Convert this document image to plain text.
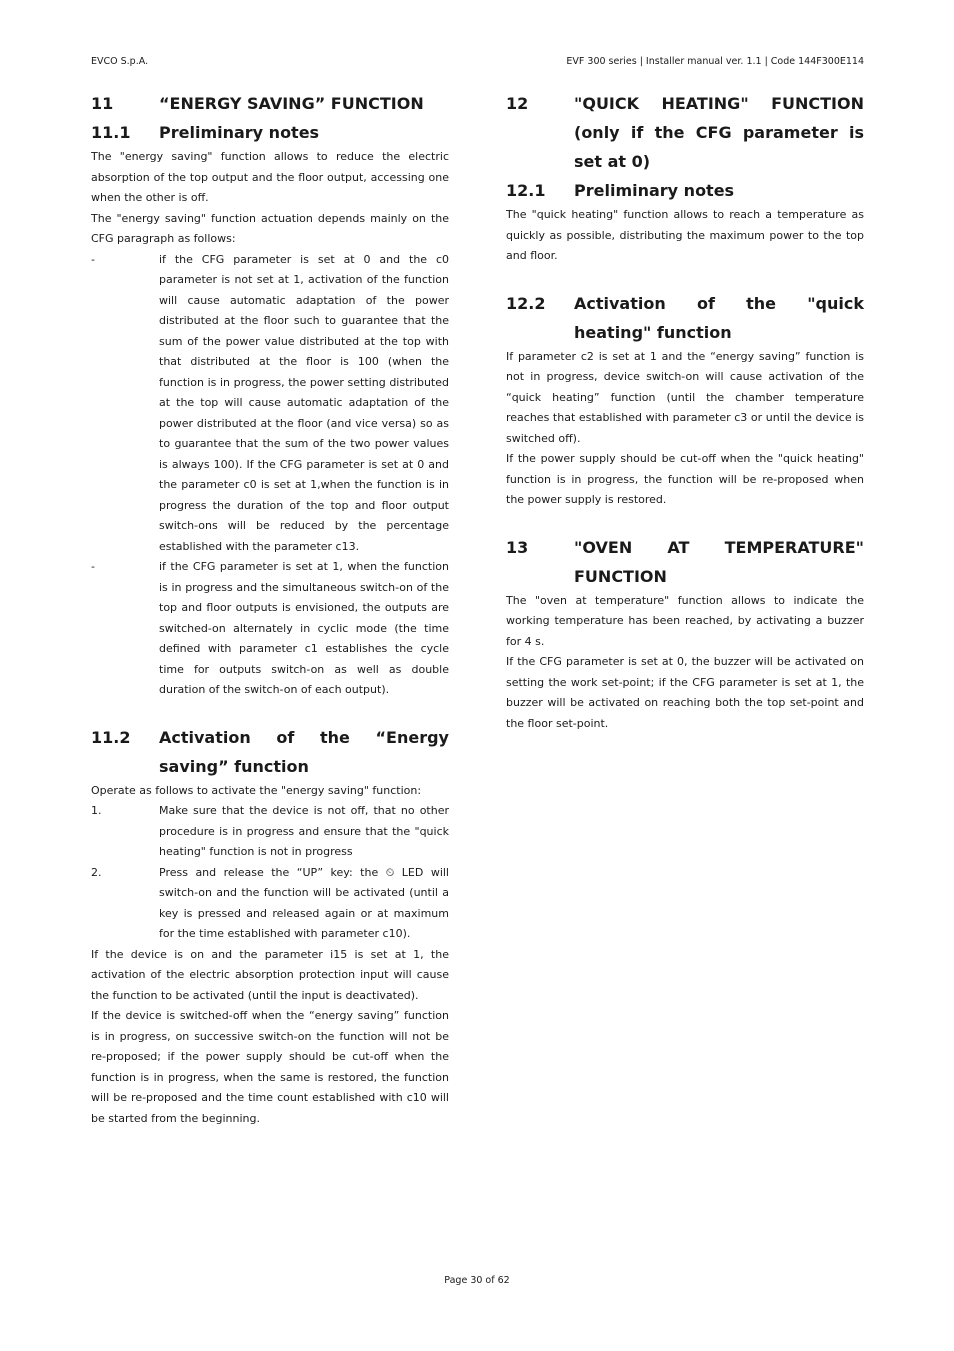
EVCO S.p.A.	EVF 300 series | Installer manual ver. 1.1 | Code 144F300E114
11	“ENERGY SAVING” FUNCTION
11.1	Preliminary notes

The "energy saving" function allows to reduce the electric absorption of the top output and the floor output, accessing one when the other is off.

The "energy saving" function actuation depends mainly on the CFG paragraph as follows:

-	if the CFG parameter is set at 0 and the c0 parameter is not set at 1, activation of the function will cause automatic adaptation of the power distributed at the floor such to guarantee that the sum of the power value distributed at the top with that distributed at the floor is 100 (when the function is in progress, the power setting distributed at the top will cause automatic adaptation of the power distributed at the floor (and vice versa) so as to guarantee that the sum of the two power values is always 100). If the CFG parameter is set at 0 and the parameter c0 is set at 1,when the function is in progress the duration of the top and floor output switch-ons will be reduced by the percentage established with the parameter c13.
-	if the CFG parameter is set at 1, when the function is in progress and the simultaneous switch-on of the top and floor outputs is envisioned, the outputs are switched-on alternately in cyclic mode (the time defined with parameter c1 establishes the cycle time for outputs switch-on as well as double duration of the switch-on of each output).
11.2	Activation of the “Energy
saving” function

Operate as follows to activate the "energy saving" function:

1.	Make sure that the device is not off, that no other procedure is in progress and ensure that the "quick heating" function is not in progress
2.	Press and release the “UP” key: the ⏲ LED will switch-on and the function will be activated (until a key is pressed and released again or at maximum for the time established with parameter c10).

If the device is on and the parameter i15 is set at 1, the activation of the electric absorption protection input will cause the function to be activated (until the input is deactivated).

If the device is switched-off when the “energy saving” function is in progress, on successive switch-on the function will not be re-proposed; if the power supply should be cut-off when the function is in progress, when the same is restored, the function will be re-proposed and the time count established with c10 will be started from the beginning.

12	"QUICK HEATING" FUNCTION (only if the CFG parameter is set at 0)
12.1	Preliminary notes

The "quick heating" function allows to reach a temperature as quickly as possible, distributing the maximum power to the top and floor.

12.2	Activation of the "quick heating" function

If parameter c2 is set at 1 and the “energy saving” function is not in progress, device switch-on will cause activation of the “quick heating” function (until the chamber temperature reaches that established with parameter c3 or until the device is switched off).

If the power supply should be cut-off when the "quick heating" function is in progress, the function will be re-proposed when the power supply is restored.

13	"OVEN AT TEMPERATURE" FUNCTION

The "oven at temperature" function allows to indicate the working temperature has been reached, by activating a buzzer for 4 s.

If the CFG parameter is set at 0, the buzzer will be activated on setting the work set-point; if the CFG parameter is set at 1, the buzzer will be activated on reaching both the top set-point and the floor set-point.

Page 30 of 62
